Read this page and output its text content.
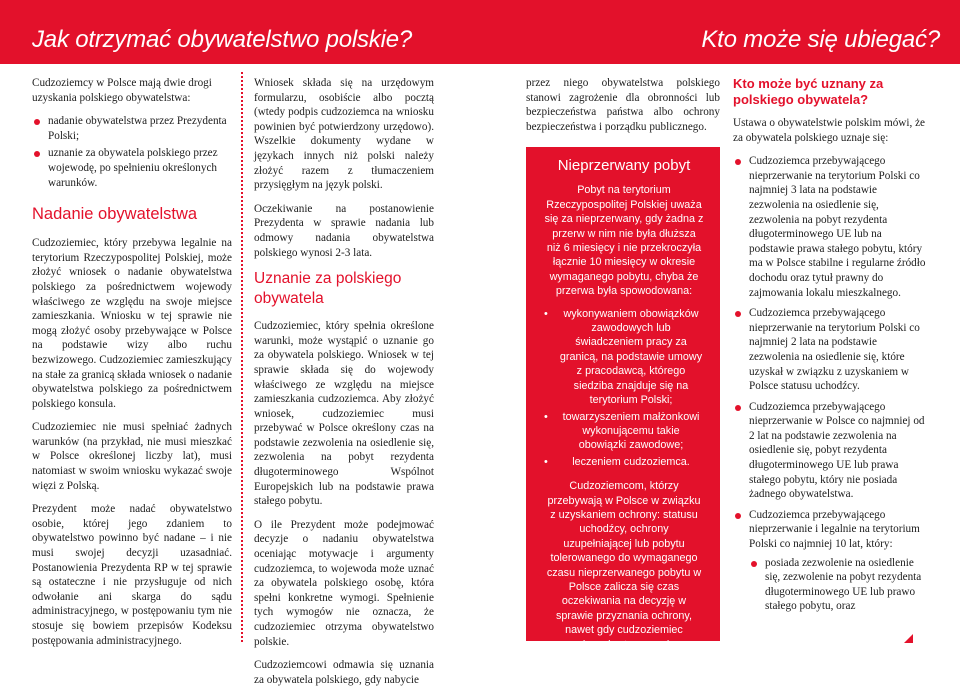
Jak otrzymać obywatelstwo polskie?	Kto może się ubiegać?

Cudzoziemcy w Polsce mają dwie drogi uzyskania polskiego obywatelstwa:

nadanie obywatelstwa przez Prezydenta Polski;
uznanie za obywatela polskiego przez wojewodę, po spełnieniu określonych warunków.
Nadanie obywatelstwa

Cudzoziemiec, który przebywa legalnie na terytorium Rzeczypospolitej Polskiej, może złożyć wniosek o nadanie obywatelstwa polskiego za pośrednictwem wojewody właściwego ze względu na swoje miejsce zamieszkania. Wniosku w tej sprawie nie mogą złożyć osoby przebywające w Polsce na podstawie wizy albo ruchu bezwizowego. Cudzoziemiec zamieszkujący na stałe za granicą składa wniosek o nadanie obywatelstwa polskiego za pośrednictwem polskiego konsula.

Cudzoziemiec nie musi spełniać żadnych warunków (na przykład, nie musi mieszkać w Polsce określonej liczby lat), musi natomiast w swoim wniosku wykazać swoje więzi z Polską.

Prezydent może nadać obywatelstwo osobie, której jego zdaniem to obywatelstwo powinno być nadane – i nie musi swojej decyzji uzasadniać. Postanowienia Prezydenta RP w tej sprawie są ostateczne i nie przysługuje od nich odwołanie ani skarga do sądu administracyjnego, w postępowaniu tym nie stosuje się bowiem przepisów Kodeksu postępowania administracyjnego.

Wniosek składa się na urzędowym formularzu, osobiście albo pocztą (wtedy podpis cudzoziemca na wniosku powinien być potwierdzony urzędowo). Wszelkie dokumenty wydane w językach innych niż polski należy złożyć razem z tłumaczeniem przysięgłym na język polski.

Oczekiwanie na postanowienie Prezydenta w sprawie nadania lub odmowy nadania obywatelstwa polskiego wynosi 2-3 lata.

Uznanie za polskiego obywatela

Cudzoziemiec, który spełnia określone warunki, może wystąpić o uznanie go za obywatela polskiego. Wniosek w tej sprawie składa się do wojewody właściwego ze względu na miejsce zamieszkania cudzoziemca. Aby złożyć wniosek, cudzoziemiec musi przebywać w Polsce określony czas na podstawie zezwolenia na osiedlenie się, zezwolenia na pobyt rezydenta długoterminowego Wspólnot Europejskich lub na podstawie prawa stałego pobytu.

O ile Prezydent może podejmować decyzje o nadaniu obywatelstwa oceniając motywacje i argumenty cudzoziemca, to wojewoda może uznać za obywatela polskiego osobę, która spełni konkretne wymogi. Spełnienie tych wymogów nie oznacza, że cudzoziemiec otrzyma obywatelstwo polskie.

Cudzoziemcowi odmawia się uznania za obywatela polskiego, gdy nabycie

przez niego obywatelstwa polskiego stanowi zagrożenie dla obronności lub bezpieczeństwa państwa albo ochrony bezpieczeństwa i porządku publicznego.

Nieprzerwany pobyt

Pobyt na terytorium Rzeczypospolitej Polskiej uważa się za nieprzerwany, gdy żadna z przerw w nim nie była dłuższa niż 6 miesięcy i nie przekroczyła łącznie 10 miesięcy w okresie wymaganego pobytu, chyba że przerwa była spowodowana:

• wykonywaniem obowiązków zawodowych lub świadczeniem pracy za granicą, na podstawie umowy z pracodawcą, którego siedziba znajduje się na terytorium Polski;
• towarzyszeniem małżonkowi wykonującemu takie obowiązki zawodowe;
• leczeniem cudzoziemca.

Cudzoziemcom, którzy przebywają w Polsce w związku z uzyskaniem ochrony: statusu uchodźcy, ochrony uzupełniającej lub pobytu tolerowanego do wymaganego czasu nieprzerwanego pobytu w Polsce zalicza się czas oczekiwania na decyzję w sprawie przyznania ochrony, nawet gdy cudzoziemiec przebywał w tym czasie w areszcie lub ośrodku strzeżonym.

Kto może być uznany za polskiego obywatela?

Ustawa o obywatelstwie polskim mówi, że za obywatela polskiego uznaje się:

Cudzoziemca przebywającego nieprzerwanie na terytorium Polski co najmniej 3 lata na podstawie zezwolenia na osiedlenie się, zezwolenia na pobyt rezydenta długoterminowego UE lub na podstawie prawa stałego pobytu, który ma w Polsce stabilne i regularne źródło dochodu oraz tytuł prawny do zajmowania lokalu mieszkalnego.
Cudzoziemca przebywającego nieprzerwanie na terytorium Polski co najmniej 2 lata na podstawie zezwolenia na osiedlenie się, które uzyskał w związku z uzyskaniem w Polsce statusu uchodźcy.
Cudzoziemca przebywającego nieprzerwanie w Polsce co najmniej od 2 lat na podstawie zezwolenia na osiedlenie się, pobyt rezydenta długoterminowego UE lub prawa stałego pobytu, który nie posiada żadnego obywatelstwa.
Cudzoziemca przebywającego nieprzerwanie i legalnie na terytorium Polski co najmniej 10 lat, który:
posiada zezwolenie na osiedlenie się, zezwolenie na pobyt rezydenta długoterminowego UE lub prawo stałego pobytu, oraz
